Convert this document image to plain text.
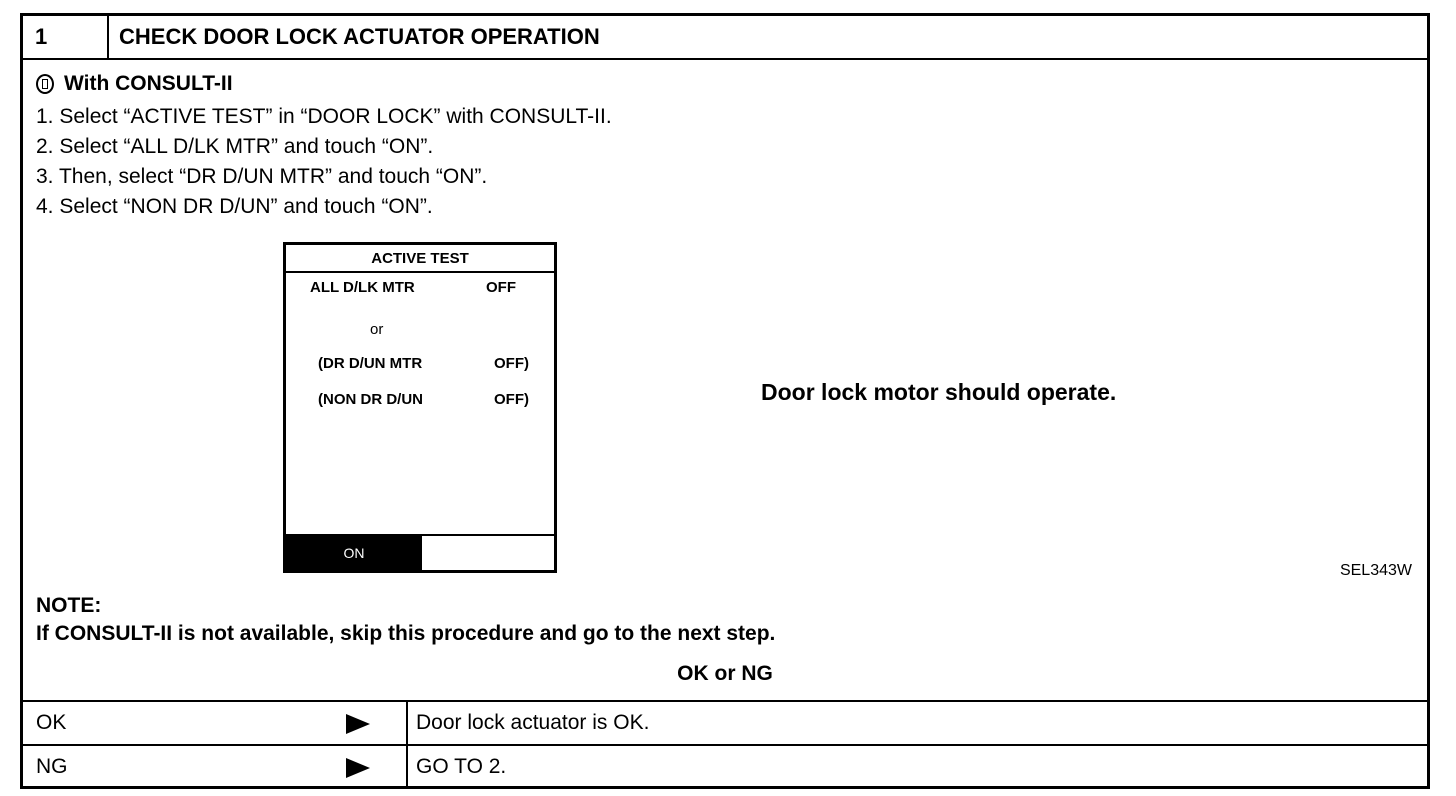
1	CHECK DOOR LOCK ACTUATOR OPERATION
With CONSULT-II
1. Select “ACTIVE TEST” in “DOOR LOCK” with CONSULT-II.
2. Select “ALL D/LK MTR” and touch “ON”.
3. Then, select “DR D/UN MTR” and touch “ON”.
4. Select “NON DR D/UN” and touch “ON”.
ACTIVE TEST
ALL D/LK MTR	OFF
or
(DR D/UN MTR	OFF)
(NON DR D/UN	OFF)
ON
Door lock motor should operate.
SEL343W
NOTE:
If CONSULT-II is not available, skip this procedure and go to the next step.
OK or NG
OK	Door lock actuator is OK.
NG	GO TO 2.
